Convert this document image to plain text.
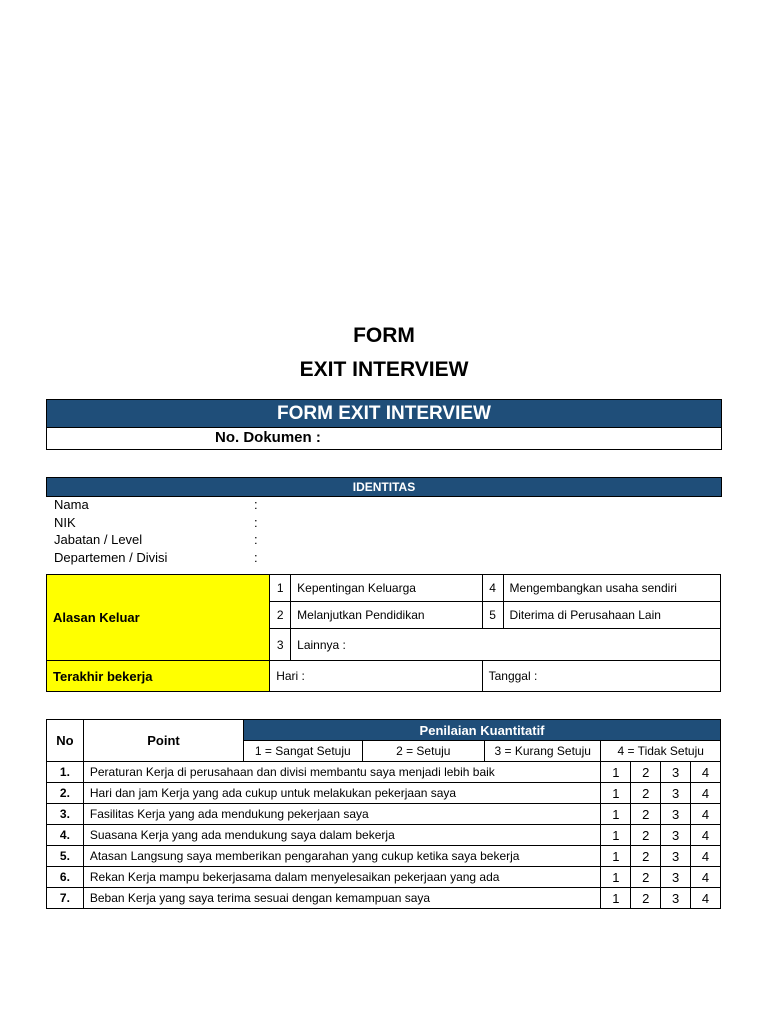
FORM
EXIT INTERVIEW
FORM EXIT INTERVIEW
No. Dokumen :
IDENTITAS
Nama	:
NIK	:
Jabatan / Level	:
Departemen / Divisi	:
Alasan Keluar	1	Kepentingan Keluarga	4	Mengembangkan usaha sendiri
	2	Melanjutkan Pendidikan	5	Diterima di Perusahaan Lain
	3	Lainnya :		
Terakhir bekerja	Hari :		Tanggal :	
No	Point	Penilaian Kuantitatif						
		1 = Sangat Setuju	2 = Setuju	3 = Kurang Setuju	4 = Tidak Setuju			
1.	Peraturan Kerja di perusahaan dan divisi membantu saya menjadi lebih baik				1	2	3	4
2.	Hari dan jam Kerja yang ada cukup untuk melakukan pekerjaan saya				1	2	3	4
3.	Fasilitas Kerja yang ada mendukung pekerjaan saya				1	2	3	4
4.	Suasana Kerja yang ada mendukung saya dalam bekerja				1	2	3	4
5.	Atasan Langsung saya memberikan pengarahan yang cukup ketika saya bekerja				1	2	3	4
6.	Rekan Kerja mampu bekerjasama dalam menyelesaikan pekerjaan yang ada				1	2	3	4
7.	Beban Kerja yang saya terima sesuai dengan kemampuan saya				1	2	3	4
